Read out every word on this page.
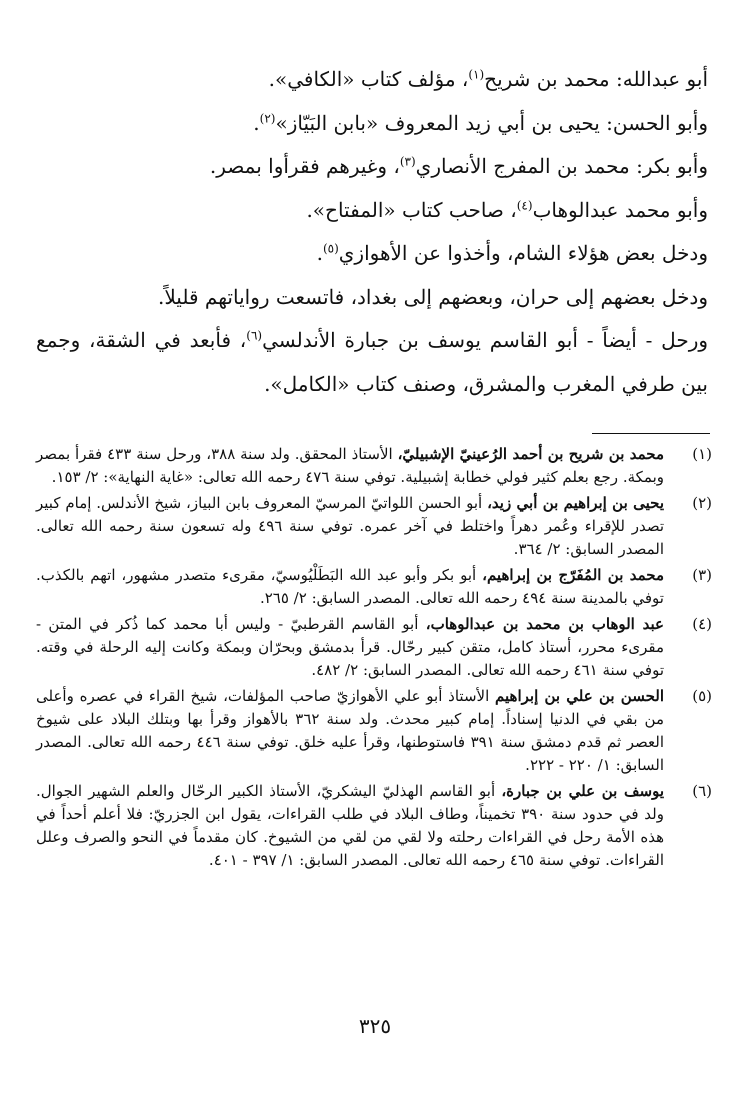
أبو عبدالله: محمد بن شريح$^{(١)}$، مؤلف كتاب «الكافي».

وأبو الحسن: يحيى بن أبي زيد المعروف «بابن البَيّاز»$^{(٢)}$.

وأبو بكر: محمد بن المفرج الأنصاري$^{(٣)}$، وغيرهم فقرأوا بمصر.

وأبو محمد عبدالوهاب$^{(٤)}$، صاحب كتاب «المفتاح».

ودخل بعض هؤلاء الشام، وأخذوا عن الأهوازي$^{(٥)}$.

ودخل بعضهم إلى حران، وبعضهم إلى بغداد، فاتسعت رواياتهم قليلاً.

ورحل - أيضاً - أبو القاسم يوسف بن جبارة الأندلسي$^{(٦)}$، فأبعد في الشقة، وجمع بين طرفي المغرب والمشرق، وصنف كتاب «الكامل».

(١)
محمد بن شريح بن أحمد الرُعينيّ الإشبيليّ، الأستاذ المحقق. ولد سنة ٣٨٨، ورحل سنة ٤٣٣ فقرأ بمصر وبمكة. رجع بعلم كثير فولي خطابة إشبيلية. توفي سنة ٤٧٦ رحمه الله تعالى: «غاية النهاية»: ٢/ ١٥٣.
(٢)
يحيى بن إبراهيم بن أبي زيد، أبو الحسن اللواتيّ المرسيّ المعروف بابن البياز، شيخ الأندلس. إمام كبير تصدر للإقراء وعُمر دهراً واختلط في آخر عمره. توفي سنة ٤٩٦ وله تسعون سنة رحمه الله تعالى. المصدر السابق: ٢/ ٣٦٤.
(٣)
محمد بن المُفَرّج بن إبراهيم، أبو بكر وأبو عبد الله البَطَلْيُوسيّ، مقرىء متصدر مشهور، اتهم بالكذب. توفي بالمدينة سنة ٤٩٤ رحمه الله تعالى. المصدر السابق: ٢/ ٢٦٥.
(٤)
عبد الوهاب بن محمد بن عبدالوهاب، أبو القاسم القرطبيّ - وليس أبا محمد كما ذُكر في المتن - مقرىء محرر، أستاذ كامل، متقن كبير رحّال. قرأ بدمشق وبحرّان وبمكة وكانت إليه الرحلة في وقته. توفي سنة ٤٦١ رحمه الله تعالى. المصدر السابق: ٢/ ٤٨٢.
(٥)
الحسن بن علي بن إبراهيم الأستاذ أبو علي الأهوازيّ صاحب المؤلفات، شيخ القراء في عصره وأعلى من بقي في الدنيا إسناداً. إمام كبير محدث. ولد سنة ٣٦٢ بالأهواز وقرأ بها وبتلك البلاد على شيوخ العصر ثم قدم دمشق سنة ٣٩١ فاستوطنها، وقرأ عليه خلق. توفي سنة ٤٤٦ رحمه الله تعالى. المصدر السابق: ١/ ٢٢٠ - ٢٢٢.
(٦)
يوسف بن علي بن جبارة، أبو القاسم الهذليّ اليشكريّ، الأستاذ الكبير الرحّال والعلم الشهير الجوال. ولد في حدود سنة ٣٩٠ تخميناً، وطاف البلاد في طلب القراءات، يقول ابن الجزريّ: فلا أعلم أحداً في هذه الأمة رحل في القراءات رحلته ولا لقي من لقي من الشيوخ. كان مقدماً في النحو والصرف وعلل القراءات. توفي سنة ٤٦٥ رحمه الله تعالى. المصدر السابق: ١/ ٣٩٧ - ٤٠١.
٣٢٥
